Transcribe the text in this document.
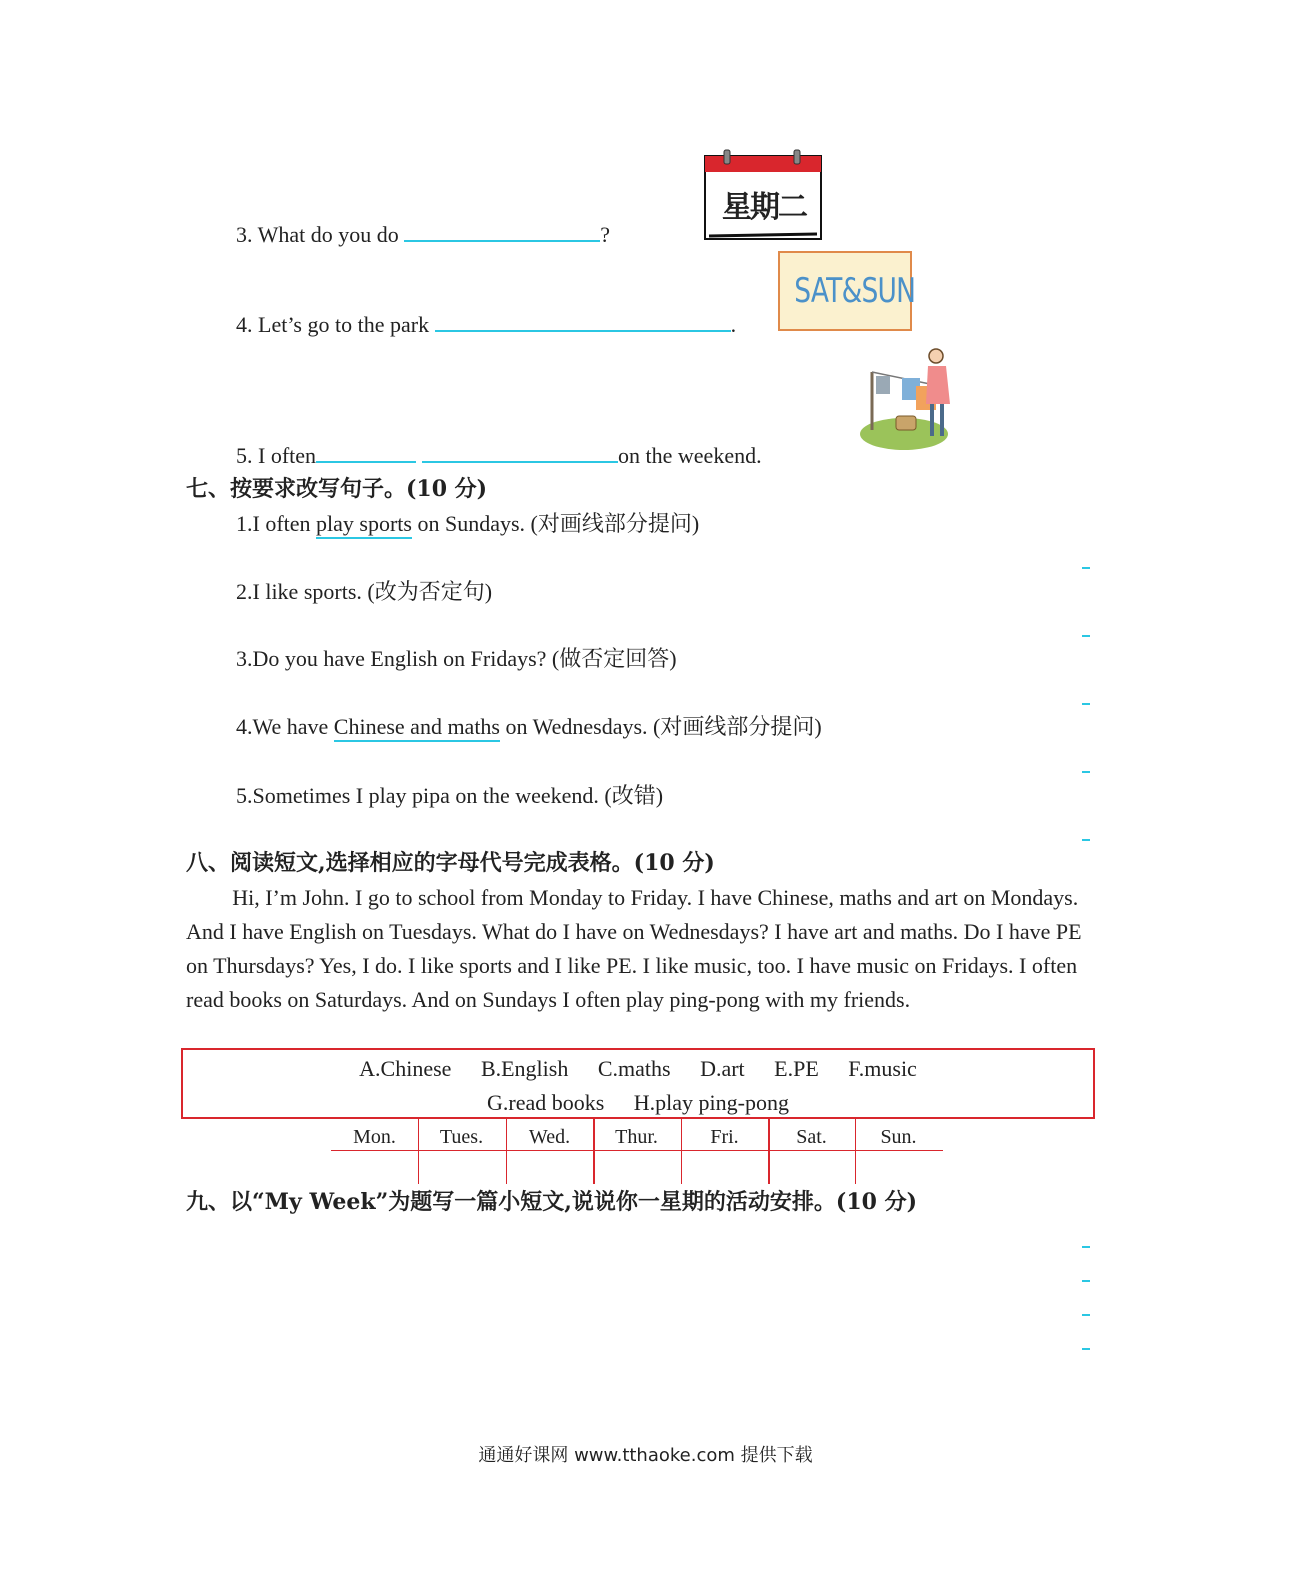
3. What do you do	?
4. Let’s go to the park	.
5. I often	on the weekend.
星期二
SAT&SUN
七、按要求改写句子。(10 分)
1.I often play sports on Sundays. (对画线部分提问)
2.I like sports. (改为否定句)
3.Do you have English on Fridays? (做否定回答)
4.We have Chinese and maths on Wednesdays. (对画线部分提问)
5.Sometimes I play pipa on the weekend. (改错)
八、阅读短文,选择相应的字母代号完成表格。(10 分)
Hi, I’m John. I go to school from Monday to Friday. I have Chinese, maths and art on Mondays. And I have English on Tuesdays. What do I have on Wednesdays? I have art and maths. Do I have PE on Thursdays? Yes, I do. I like sports and I like PE. I like music, too. I have music on Fridays. I often read books on Saturdays. And on Sundays I often play ping-pong with my friends.
A.Chinese B.English C.maths D.art E.PE F.music
G.read books H.play ping-pong
Mon.	Tues.	Wed.	Thur.	Fri.	Sat.	Sun.
九、以“My Week”为题写一篇小短文,说说你一星期的活动安排。(10 分)
通通好课网 www.tthaoke.com 提供下载
